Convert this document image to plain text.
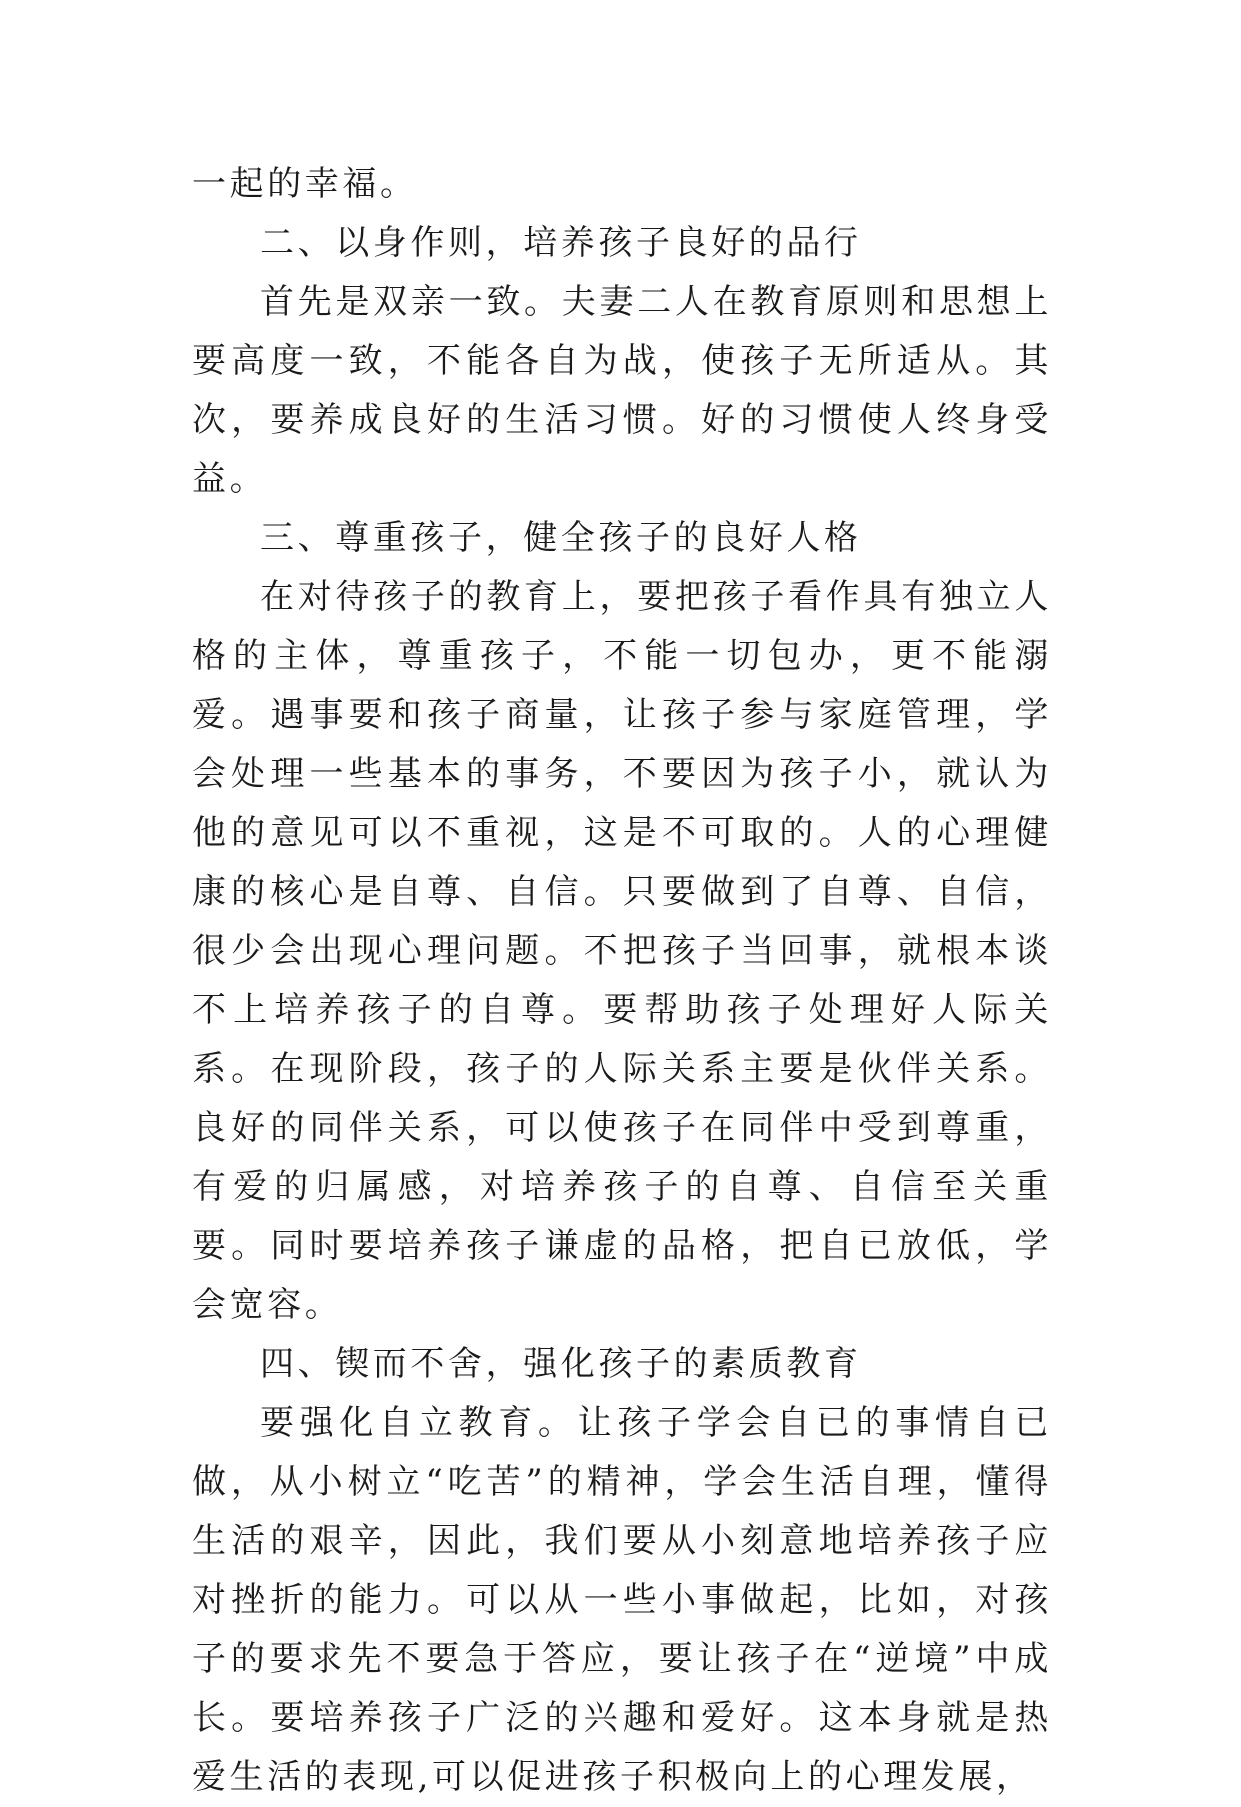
一起的幸福。

二、以身作则，培养孩子良好的品行

首先是双亲一致。夫妻二人在教育原则和思想上要高度一致，不能各自为战，使孩子无所适从。其次，要养成良好的生活习惯。好的习惯使人终身受益。

三、尊重孩子，健全孩子的良好人格

在对待孩子的教育上，要把孩子看作具有独立人格的主体，尊重孩子，不能一切包办，更不能溺爱。遇事要和孩子商量，让孩子参与家庭管理，学会处理一些基本的事务，不要因为孩子小，就认为他的意见可以不重视，这是不可取的。人的心理健康的核心是自尊、自信。只要做到了自尊、自信，很少会出现心理问题。不把孩子当回事，就根本谈不上培养孩子的自尊。要帮助孩子处理好人际关系。在现阶段，孩子的人际关系主要是伙伴关系。良好的同伴关系，可以使孩子在同伴中受到尊重，有爱的归属感，对培养孩子的自尊、自信至关重要。同时要培养孩子谦虚的品格，把自已放低，学会宽容。

四、锲而不舍，强化孩子的素质教育

要强化自立教育。让孩子学会自已的事情自已做，从小树立“吃苦”的精神，学会生活自理，懂得生活的艰辛，因此，我们要从小刻意地培养孩子应对挫折的能力。可以从一些小事做起，比如，对孩子的要求先不要急于答应，要让孩子在“逆境”中成长。要培养孩子广泛的兴趣和爱好。这本身就是热爱生活的表现,可以促进孩子积极向上的心理发展，
